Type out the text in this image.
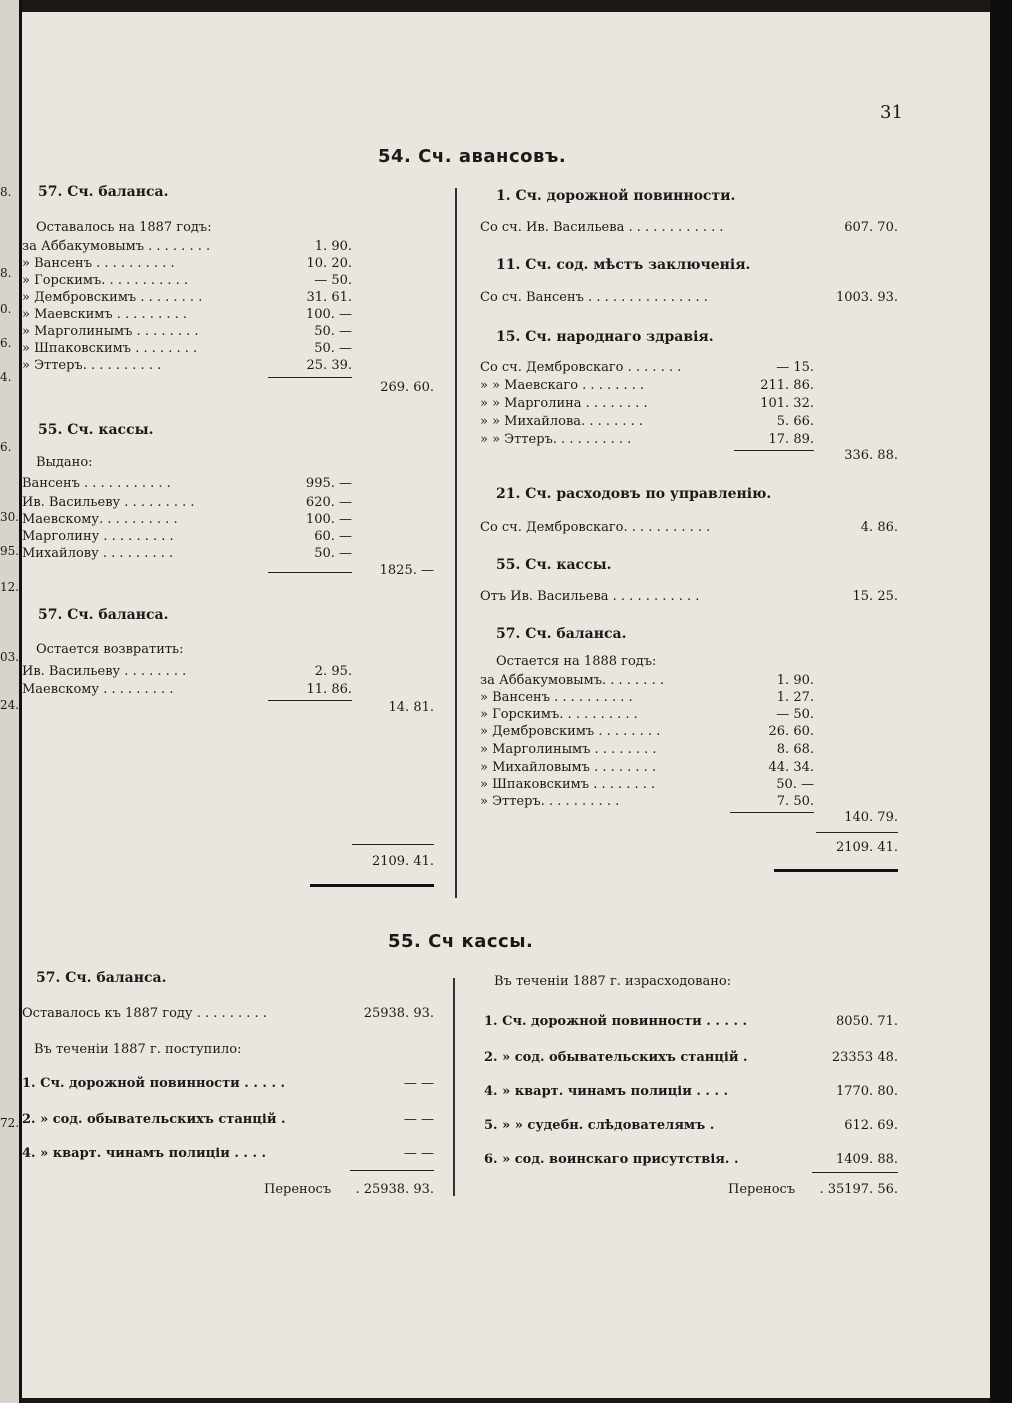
8.
8.
0.
6.
4.
6.
30.
95.
12.
03.
24.
72.
31
54. Сч. авансовъ.
57. Сч. баланса.
Оставалось на 1887 годъ:
за Аббакумовымъ . . . . . . . .	1. 90.
» Вансенъ . . . . . . . . . .	10. 20.
» Горскимъ. . . . . . . . . . .	— 50.
» Дембровскимъ . . . . . . . .	31. 61.
» Маевскимъ . . . . . . . . .	100. —
» Марголинымъ . . . . . . . .	50. —
» Шпаковскимъ . . . . . . . .	50. —
» Эттеръ. . . . . . . . . .	25. 39.
269. 60.
55. Сч. кассы.
Выдано:
Вансенъ . . . . . . . . . . .	995. —
Ив. Васильеву . . . . . . . . .	620. —
Маевскому. . . . . . . . . .	100. —
Марголину . . . . . . . . .	60. —
Михайлову . . . . . . . . .	50. —
1825. —
57. Сч. баланса.
Остается возвратить:
Ив. Васильеву . . . . . . . .	2. 95.
Маевскому . . . . . . . . .	11. 86.
14. 81.
2109. 41.
1. Сч. дорожной повинности.
Со сч. Ив. Васильева . . . . . . . . . . . .	607. 70.
11. Сч. сод. мѣстъ заключенія.
Со сч. Вансенъ . . . . . . . . . . . . . . .	1003. 93.
15. Сч. народнаго здравія.
Со сч. Дембровскаго . . . . . . .	— 15.
» » Маевскаго . . . . . . . .	211. 86.
» » Марголина . . . . . . . .	101. 32.
» » Михайлова. . . . . . . .	5. 66.
» » Эттеръ. . . . . . . . . .	17. 89.
336. 88.
21. Сч. расходовъ по управленію.
Со сч. Дембровскаго. . . . . . . . . . .	4. 86.
55. Сч. кассы.
Отъ Ив. Васильева . . . . . . . . . . .	15. 25.
57. Сч. баланса.
Остается на 1888 годъ:
за Аббакумовымъ. . . . . . . .	1. 90.
» Вансенъ . . . . . . . . . .	1. 27.
» Горскимъ. . . . . . . . . .	— 50.
» Дембровскимъ . . . . . . . .	26. 60.
» Марголинымъ . . . . . . . .	8. 68.
» Михайловымъ . . . . . . . .	44. 34.
» Шпаковскимъ . . . . . . . .	50. —
» Эттеръ. . . . . . . . . .	7. 50.
140. 79.
2109. 41.
55. Сч кассы.
57. Сч. баланса.
Оставалось къ 1887 году . . . . . . . . .	25938. 93.
Въ теченіи 1887 г. поступило:
1. Сч. дорожной повинности . . . . .	— —
2. » сод. обывательскихъ станцій .	— —
4. » кварт. чинамъ полиціи . . . .	— —
Переносъ	. 25938. 93.
Въ теченіи 1887 г. израсходовано:
1. Сч. дорожной повинности . . . . .	8050. 71.
2. » сод. обывательскихъ станцій .	23353 48.
4. » кварт. чинамъ полиціи . . . .	1770. 80.
5. » » судебн. слѣдователямъ .	612. 69.
6. » сод. воинскаго присутствія. .	1409. 88.
Переносъ	. 35197. 56.
